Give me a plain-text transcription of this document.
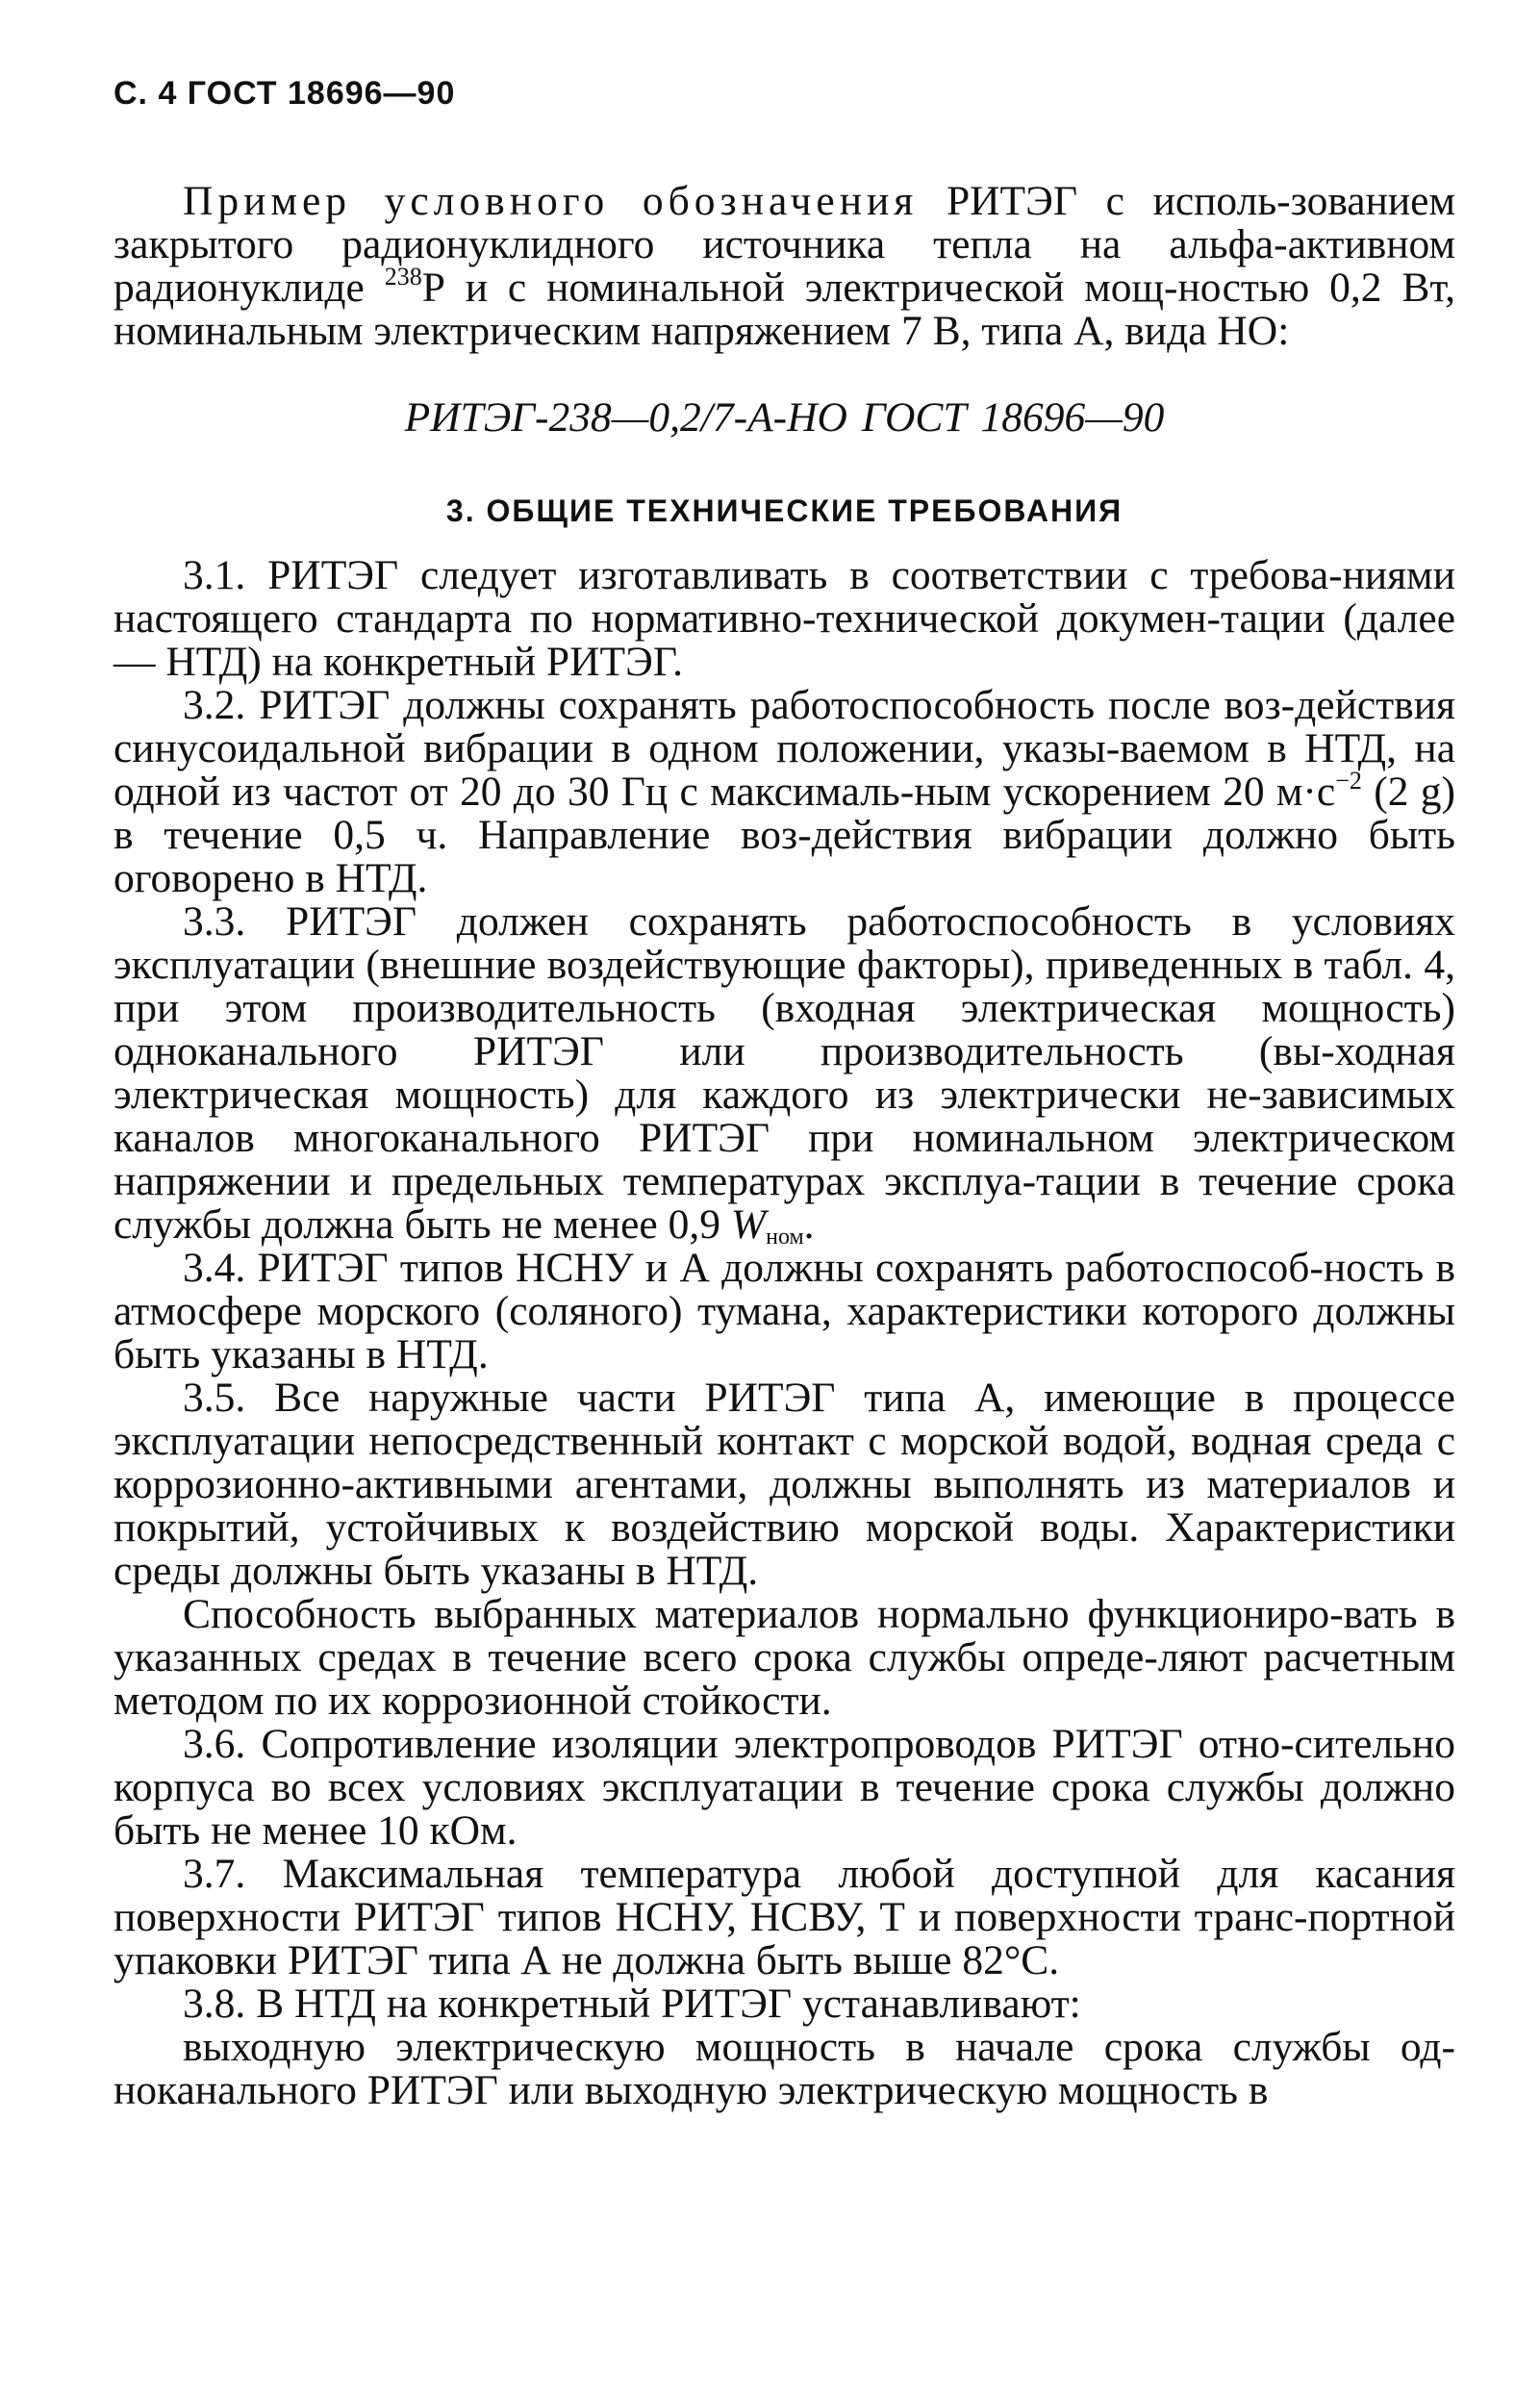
С. 4 ГОСТ 18696—90

Пример условного обозначения РИТЭГ с исполь-зованием закрытого радионуклидного источника тепла на альфа-активном радионуклиде $^{238}$Р и с номинальной электрической мощ-ностью 0,2 Вт, номинальным электрическим напряжением 7 В, типа А, вида НО:

РИТЭГ-238—0,2/7-А-НО ГОСТ 18696—90
3. ОБЩИЕ ТЕХНИЧЕСКИЕ ТРЕБОВАНИЯ

3.1. РИТЭГ следует изготавливать в соответствии с требова-ниями настоящего стандарта по нормативно-технической докумен-тации (далее — НТД) на конкретный РИТЭГ.

3.2. РИТЭГ должны сохранять работоспособность после воз-действия синусоидальной вибрации в одном положении, указы-ваемом в НТД, на одной из частот от 20 до 30 Гц с максималь-ным ускорением 20 $м\cdot с^{-2}$ (2 g) в течение 0,5 ч. Направление воз-действия вибрации должно быть оговорено в НТД.

3.3. РИТЭГ должен сохранять работоспособность в условиях эксплуатации (внешние воздействующие факторы), приведенных в табл. 4, при этом производительность (входная электрическая мощность) одноканального РИТЭГ или производительность (вы-ходная электрическая мощность) для каждого из электрически не-зависимых каналов многоканального РИТЭГ при номинальном электрическом напряжении и предельных температурах эксплуа-тации в течение срока службы должна быть не менее 0,9 $W_{ном}$.

3.4. РИТЭГ типов НСНУ и А должны сохранять работоспособ-ность в атмосфере морского (соляного) тумана, характеристики которого должны быть указаны в НТД.

3.5. Все наружные части РИТЭГ типа А, имеющие в процессе эксплуатации непосредственный контакт с морской водой, водная среда с коррозионно-активными агентами, должны выполнять из материалов и покрытий, устойчивых к воздействию морской воды. Характеристики среды должны быть указаны в НТД.

Способность выбранных материалов нормально функциониро-вать в указанных средах в течение всего срока службы опреде-ляют расчетным методом по их коррозионной стойкости.

3.6. Сопротивление изоляции электропроводов РИТЭГ отно-сительно корпуса во всех условиях эксплуатации в течение срока службы должно быть не менее 10 кОм.

3.7. Максимальная температура любой доступной для касания поверхности РИТЭГ типов НСНУ, НСВУ, Т и поверхности транс-портной упаковки РИТЭГ типа А не должна быть выше 82°С.

3.8. В НТД на конкретный РИТЭГ устанавливают:

выходную электрическую мощность в начале срока службы од-ноканального РИТЭГ или выходную электрическую мощность в
